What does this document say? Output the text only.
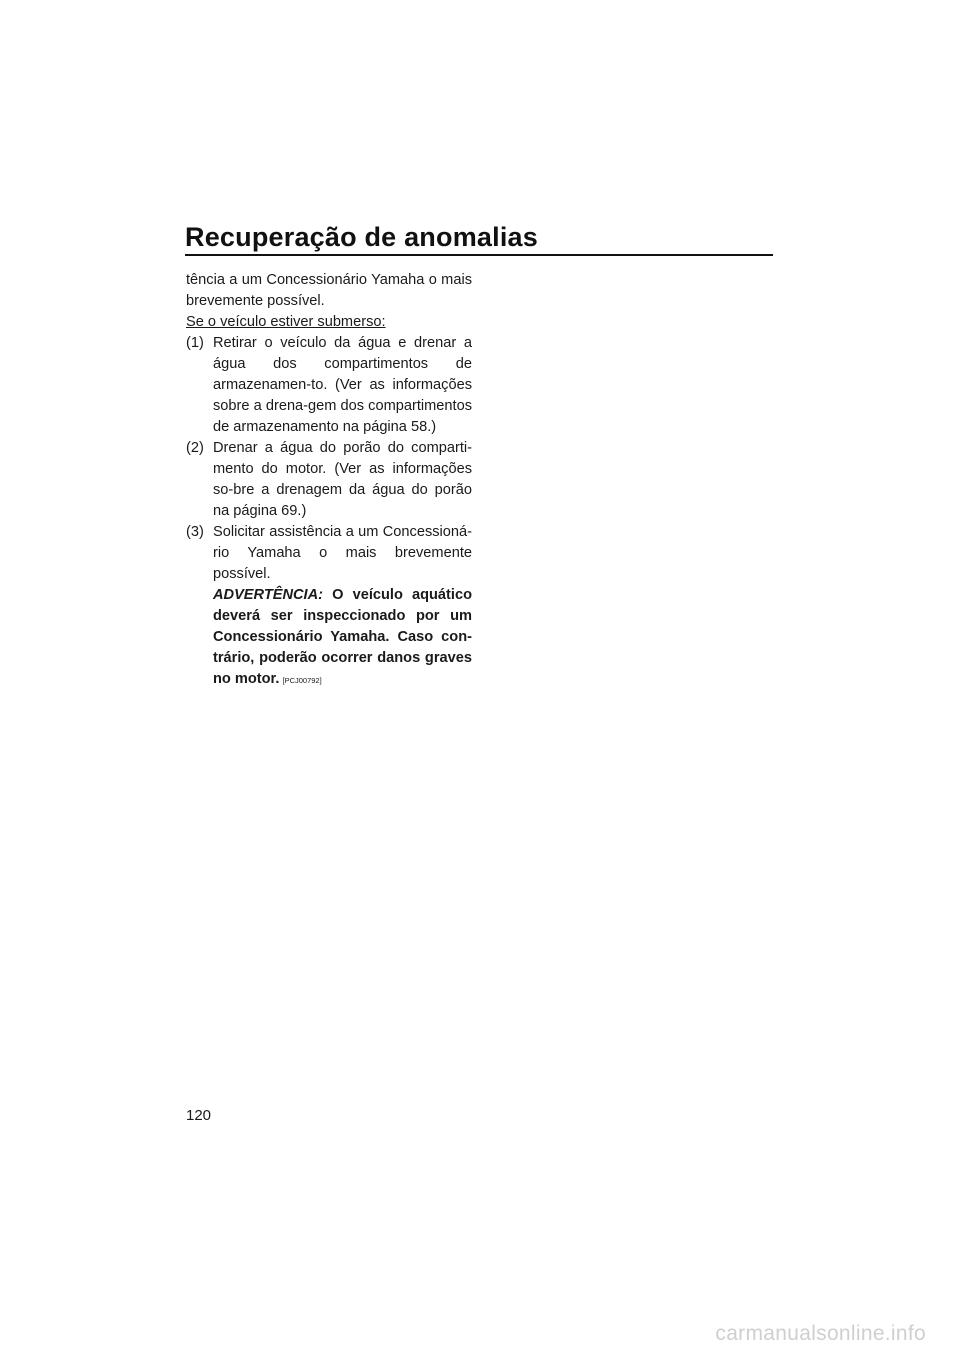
Recuperação de anomalias

tência a um Concessionário Yamaha o mais brevemente possível.

Se o veículo estiver submerso:

(1) Retirar o veículo da água e drenar a água dos compartimentos de armazenamen-to. (Ver as informações sobre a drena-gem dos compartimentos de armazenamento na página 58.)
(2) Drenar a água do porão do comparti-mento do motor. (Ver as informações so-bre a drenagem da água do porão na página 69.)
(3) Solicitar assistência a um Concessioná-rio Yamaha o mais brevemente possível.

ADVERTÊNCIA: O veículo aquático deverá ser inspeccionado por um Concessionário Yamaha. Caso con-trário, poderão ocorrer danos graves no motor. [PCJ00792]

120
carmanualsonline.info
